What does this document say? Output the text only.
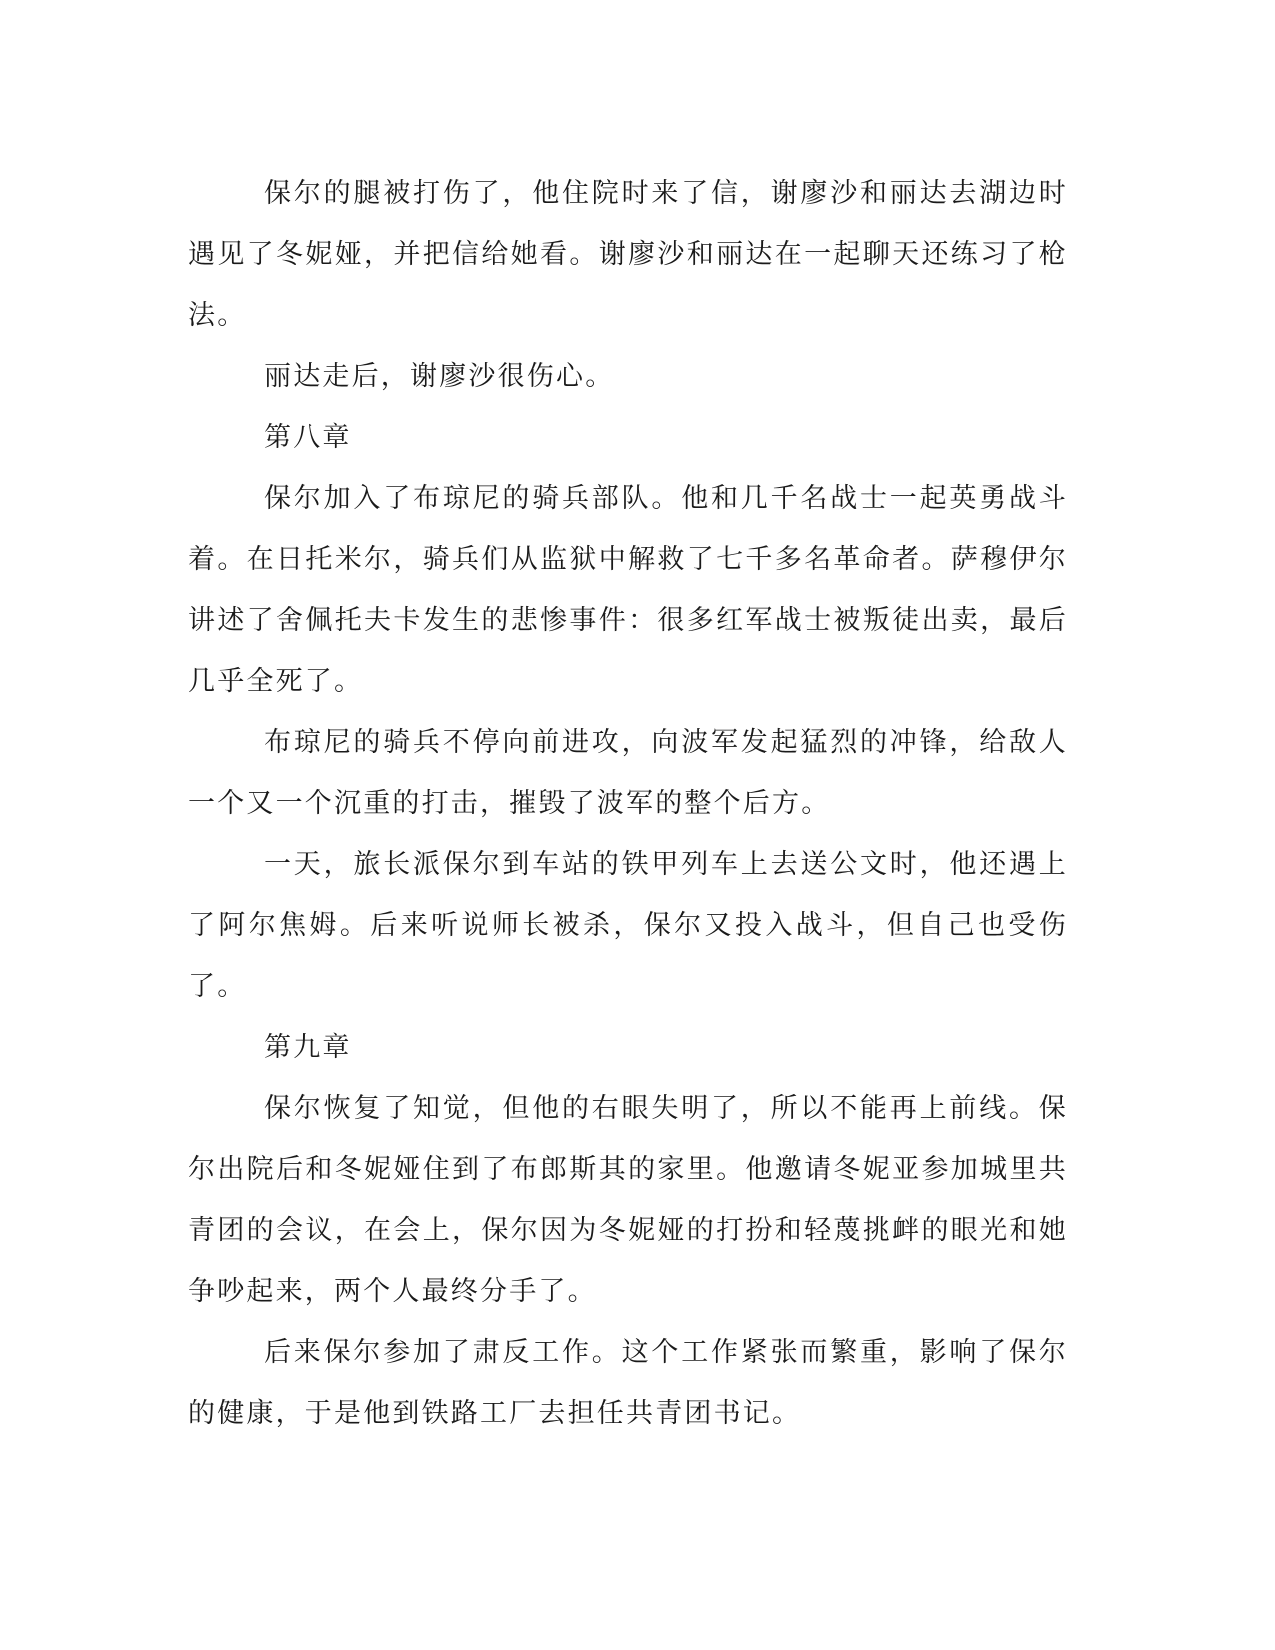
保尔的腿被打伤了，他住院时来了信，谢廖沙和丽达去湖边时遇见了冬妮娅，并把信给她看。谢廖沙和丽达在一起聊天还练习了枪法。

丽达走后，谢廖沙很伤心。

第八章

保尔加入了布琼尼的骑兵部队。他和几千名战士一起英勇战斗着。在日托米尔，骑兵们从监狱中解救了七千多名革命者。萨穆伊尔讲述了舍佩托夫卡发生的悲惨事件：很多红军战士被叛徒出卖，最后几乎全死了。

布琼尼的骑兵不停向前进攻，向波军发起猛烈的冲锋，给敌人一个又一个沉重的打击，摧毁了波军的整个后方。

一天，旅长派保尔到车站的铁甲列车上去送公文时，他还遇上了阿尔焦姆。后来听说师长被杀，保尔又投入战斗，但自己也受伤了。

第九章

保尔恢复了知觉，但他的右眼失明了，所以不能再上前线。保尔出院后和冬妮娅住到了布郎斯其的家里。他邀请冬妮亚参加城里共青团的会议，在会上，保尔因为冬妮娅的打扮和轻蔑挑衅的眼光和她争吵起来，两个人最终分手了。

后来保尔参加了肃反工作。这个工作紧张而繁重，影响了保尔的健康，于是他到铁路工厂去担任共青团书记。
